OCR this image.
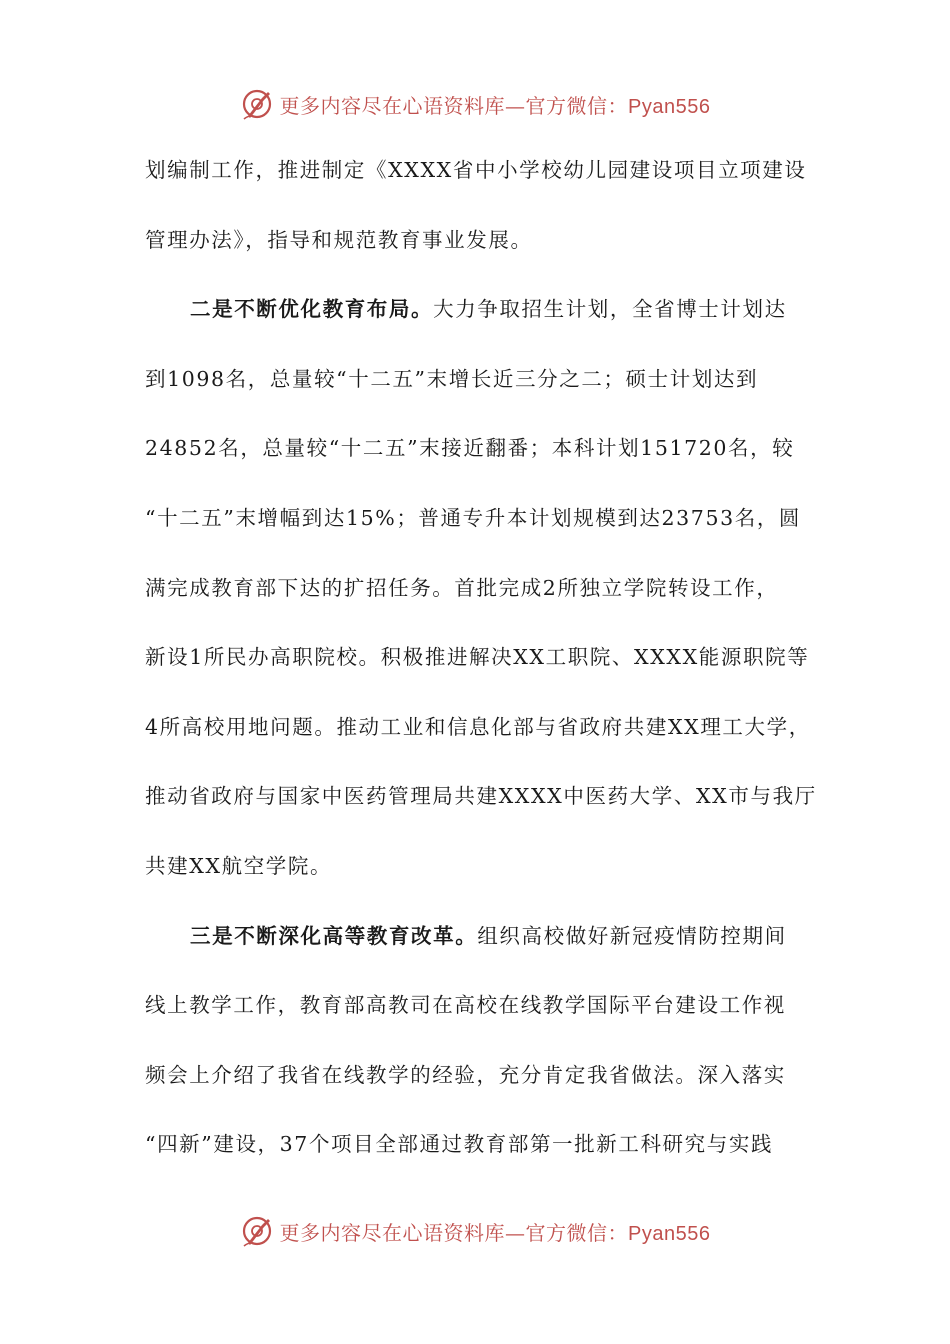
更多内容尽在心语资料库—官方微信：Pyan556
划编制工作，推进制定《XXXX省中小学校幼儿园建设项目立项建设
管理办法》，指导和规范教育事业发展。
二是不断优化教育布局。大力争取招生计划，全省博士计划达
到1098名，总量较“十二五”末增长近三分之二；硕士计划达到
24852名，总量较“十二五”末接近翻番；本科计划151720名，较
“十二五”末增幅到达15%；普通专升本计划规模到达23753名，圆
满完成教育部下达的扩招任务。首批完成2所独立学院转设工作，
新设1所民办高职院校。积极推进解决XX工职院、XXXX能源职院等
4所高校用地问题。推动工业和信息化部与省政府共建XX理工大学，
推动省政府与国家中医药管理局共建XXXX中医药大学、XX市与我厅
共建XX航空学院。
三是不断深化高等教育改革。组织高校做好新冠疫情防控期间
线上教学工作，教育部高教司在高校在线教学国际平台建设工作视
频会上介绍了我省在线教学的经验，充分肯定我省做法。深入落实
“四新”建设，37个项目全部通过教育部第一批新工科研究与实践
更多内容尽在心语资料库—官方微信：Pyan556
